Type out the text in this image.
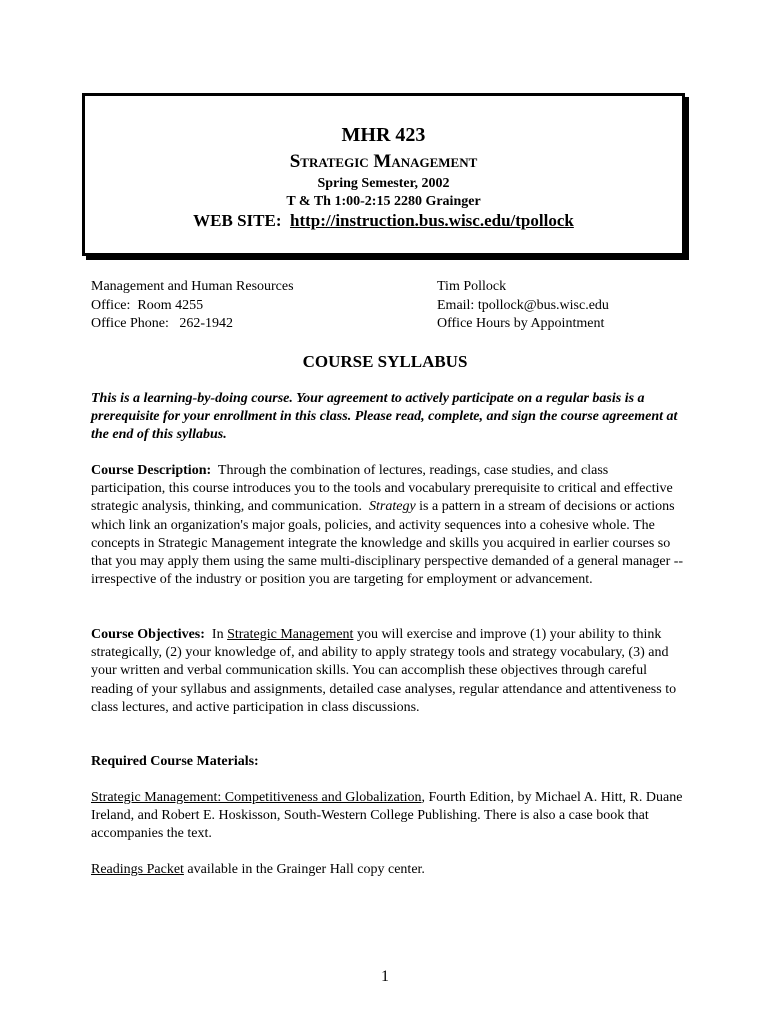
MHR 423
Strategic Management
Spring Semester, 2002
T & Th 1:00-2:15 2280 Grainger
WEB SITE:  http://instruction.bus.wisc.edu/tpollock
Management and Human Resources
Office:  Room 4255
Office Phone:   262-1942
Tim Pollock
Email: tpollock@bus.wisc.edu
Office Hours by Appointment
COURSE SYLLABUS
This is a learning-by-doing course. Your agreement to actively participate on a regular basis is a prerequisite for your enrollment in this class. Please read, complete, and sign the course agreement at the end of this syllabus.
Course Description:  Through the combination of lectures, readings, case studies, and class participation, this course introduces you to the tools and vocabulary prerequisite to critical and effective strategic analysis, thinking, and communication.  Strategy is a pattern in a stream of decisions or actions which link an organization's major goals, policies, and activity sequences into a cohesive whole. The concepts in Strategic Management integrate the knowledge and skills you acquired in earlier courses so that you may apply them using the same multi-disciplinary perspective demanded of a general manager -- irrespective of the industry or position you are targeting for employment or advancement.
Course Objectives:  In Strategic Management you will exercise and improve (1) your ability to think strategically, (2) your knowledge of, and ability to apply strategy tools and strategy vocabulary, (3) and your written and verbal communication skills. You can accomplish these objectives through careful reading of your syllabus and assignments, detailed case analyses, regular attendance and attentiveness to class lectures, and active participation in class discussions.
Required Course Materials:
Strategic Management: Competitiveness and Globalization, Fourth Edition, by Michael A. Hitt, R. Duane Ireland, and Robert E. Hoskisson, South-Western College Publishing. There is also a case book that accompanies the text.
Readings Packet available in the Grainger Hall copy center.
1
